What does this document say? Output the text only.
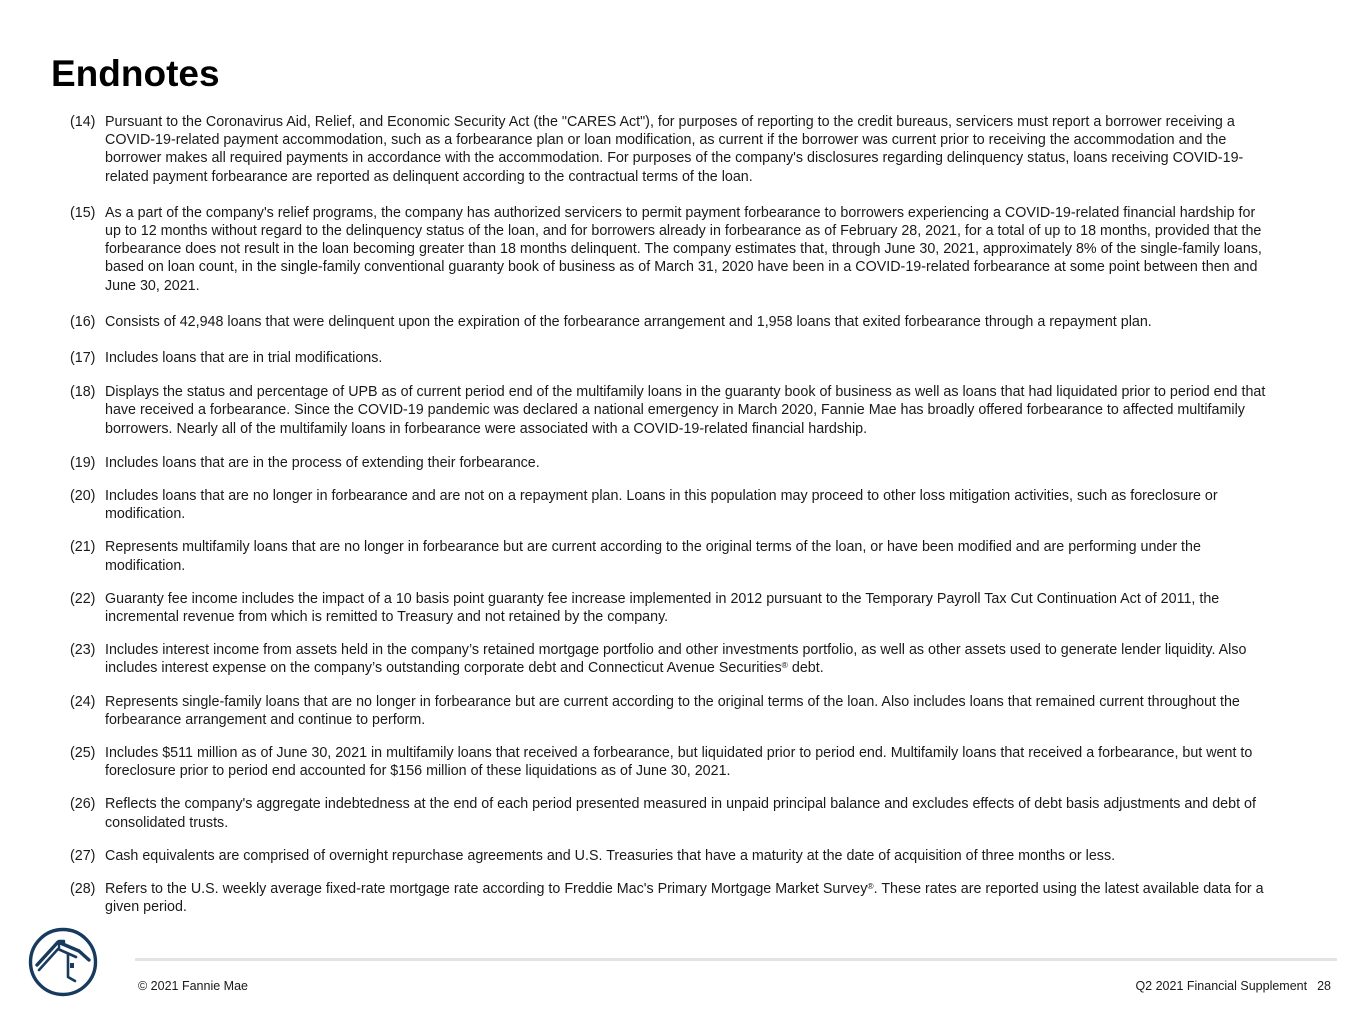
Endnotes
(14) Pursuant to the Coronavirus Aid, Relief, and Economic Security Act (the "CARES Act"), for purposes of reporting to the credit bureaus, servicers must report a borrower receiving a COVID-19-related payment accommodation, such as a forbearance plan or loan modification, as current if the borrower was current prior to receiving the accommodation and the borrower makes all required payments in accordance with the accommodation. For purposes of the company's disclosures regarding delinquency status, loans receiving COVID-19-related payment forbearance are reported as delinquent according to the contractual terms of the loan.
(15) As a part of the company's relief programs, the company has authorized servicers to permit payment forbearance to borrowers experiencing a COVID-19-related financial hardship for up to 12 months without regard to the delinquency status of the loan, and for borrowers already in forbearance as of February 28, 2021, for a total of up to 18 months, provided that the forbearance does not result in the loan becoming greater than 18 months delinquent. The company estimates that, through June 30, 2021, approximately 8% of the single-family loans, based on loan count, in the single-family conventional guaranty book of business as of March 31, 2020 have been in a COVID-19-related forbearance at some point between then and June 30, 2021.
(16) Consists of 42,948 loans that were delinquent upon the expiration of the forbearance arrangement and 1,958 loans that exited forbearance through a repayment plan.
(17) Includes loans that are in trial modifications.
(18) Displays the status and percentage of UPB as of current period end of the multifamily loans in the guaranty book of business as well as loans that had liquidated prior to period end that have received a forbearance. Since the COVID-19 pandemic was declared a national emergency in March 2020, Fannie Mae has broadly offered forbearance to affected multifamily borrowers. Nearly all of the multifamily loans in forbearance were associated with a COVID-19-related financial hardship.
(19) Includes loans that are in the process of extending their forbearance.
(20) Includes loans that are no longer in forbearance and are not on a repayment plan. Loans in this population may proceed to other loss mitigation activities, such as foreclosure or modification.
(21) Represents multifamily loans that are no longer in forbearance but are current according to the original terms of the loan, or have been modified and are performing under the modification.
(22) Guaranty fee income includes the impact of a 10 basis point guaranty fee increase implemented in 2012 pursuant to the Temporary Payroll Tax Cut Continuation Act of 2011, the incremental revenue from which is remitted to Treasury and not retained by the company.
(23) Includes interest income from assets held in the company’s retained mortgage portfolio and other investments portfolio, as well as other assets used to generate lender liquidity. Also includes interest expense on the company’s outstanding corporate debt and Connecticut Avenue Securities® debt.
(24) Represents single-family loans that are no longer in forbearance but are current according to the original terms of the loan. Also includes loans that remained current throughout the forbearance arrangement and continue to perform.
(25) Includes $511 million as of June 30, 2021 in multifamily loans that received a forbearance, but liquidated prior to period end. Multifamily loans that received a forbearance, but went to foreclosure prior to period end accounted for $156 million of these liquidations as of June 30, 2021.
(26) Reflects the company's aggregate indebtedness at the end of each period presented measured in unpaid principal balance and excludes effects of debt basis adjustments and debt of consolidated trusts.
(27) Cash equivalents are comprised of overnight repurchase agreements and U.S. Treasuries that have a maturity at the date of acquisition of three months or less.
(28) Refers to the U.S. weekly average fixed-rate mortgage rate according to Freddie Mac's Primary Mortgage Market Survey®. These rates are reported using the latest available data for a given period.
© 2021 Fannie Mae	Q2 2021 Financial Supplement 28
